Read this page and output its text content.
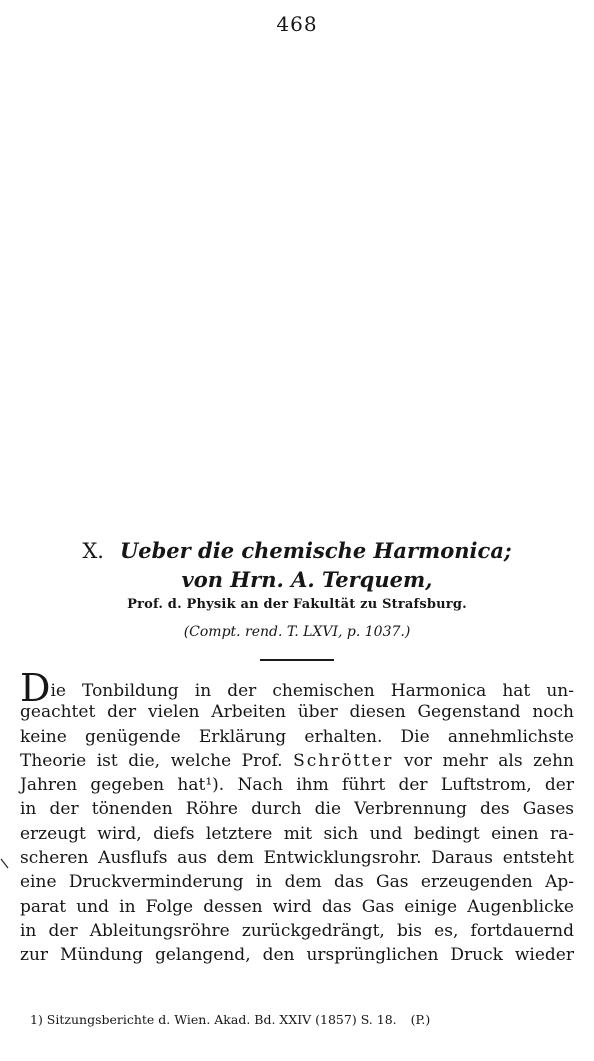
468
X. Ueber die chemische Harmonica;
von Hrn. A. Terquem,
Prof. d. Physik an der Fakultät zu Strafsburg.
(Compt. rend. T. LXVI, p. 1037.)
Die Tonbildung in der chemischen Harmonica hat un-
geachtet der vielen Arbeiten über diesen Gegenstand noch
keine genügende Erklärung erhalten. Die annehmlichste
Theorie ist die, welche Prof. Schrötter vor mehr als zehn
Jahren gegeben hat¹). Nach ihm führt der Luftstrom, der
in der tönenden Röhre durch die Verbrennung des Gases
erzeugt wird, diefs letztere mit sich und bedingt einen ra-
scheren Ausflufs aus dem Entwicklungsrohr. Daraus entsteht
eine Druckverminderung in dem das Gas erzeugenden Ap-
parat und in Folge dessen wird das Gas einige Augenblicke
in der Ableitungsröhre zurückgedrängt, bis es, fortdauernd
zur Mündung gelangend, den ursprünglichen Druck wieder
1) Sitzungsberichte d. Wien. Akad. Bd. XXIV (1857) S. 18. (P.)
